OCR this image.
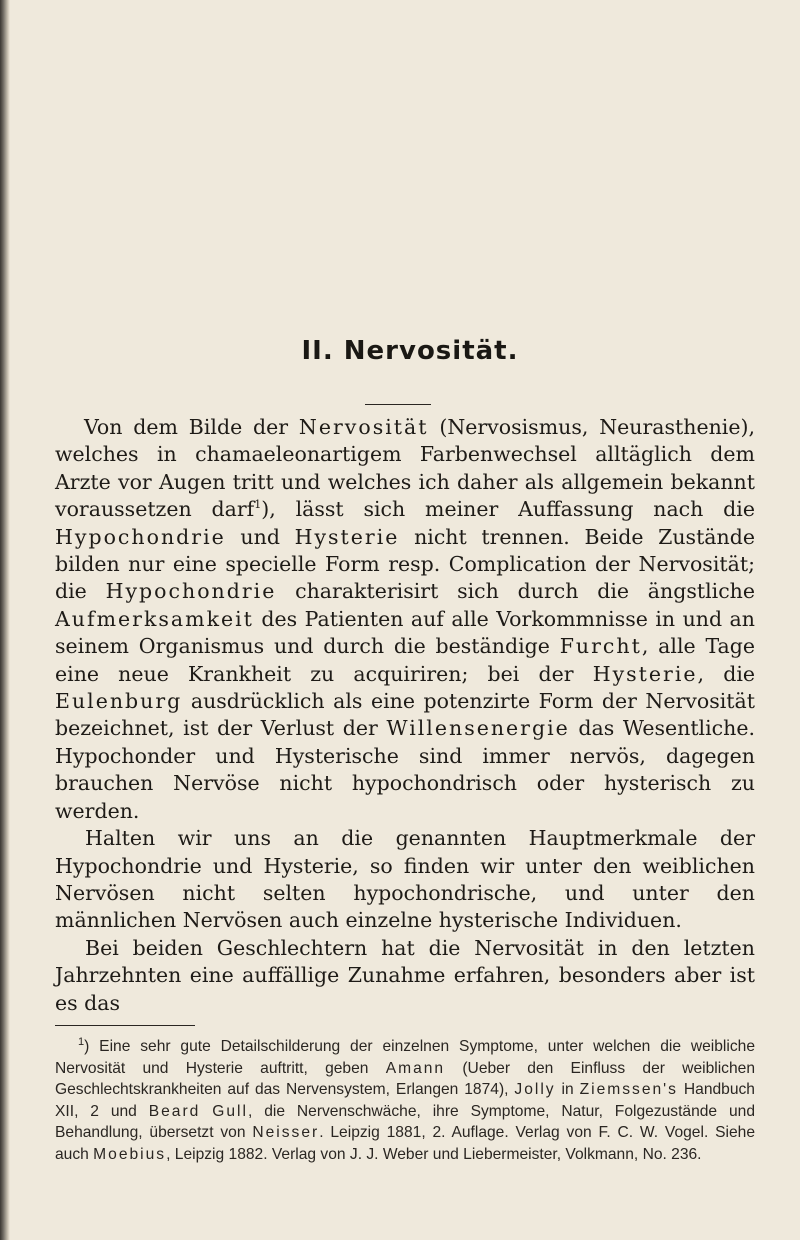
II. Nervosität.

Von dem Bilde der Nervosität (Nervosismus, Neurasthenie), welches in chamaeleonartigem Farbenwechsel alltäglich dem Arzte vor Augen tritt und welches ich daher als allgemein bekannt voraussetzen darf$^1$), lässt sich meiner Auffassung nach die Hypochondrie und Hysterie nicht trennen. Beide Zustände bilden nur eine specielle Form resp. Complication der Nervosität; die Hypochondrie charakterisirt sich durch die ängstliche Aufmerksamkeit des Patienten auf alle Vorkommnisse in und an seinem Organismus und durch die beständige Furcht, alle Tage eine neue Krankheit zu acquiriren; bei der Hysterie, die Eulenburg ausdrücklich als eine potenzirte Form der Nervosität bezeichnet, ist der Verlust der Willensenergie das Wesentliche. Hypochonder und Hysterische sind immer nervös, dagegen brauchen Nervöse nicht hypochondrisch oder hysterisch zu werden.

Halten wir uns an die genannten Hauptmerkmale der Hypochondrie und Hysterie, so finden wir unter den weiblichen Nervösen nicht selten hypochondrische, und unter den männlichen Nervösen auch einzelne hysterische Individuen.

Bei beiden Geschlechtern hat die Nervosität in den letzten Jahrzehnten eine auffällige Zunahme erfahren, besonders aber ist es das

$^1$) Eine sehr gute Detailschilderung der einzelnen Symptome, unter welchen die weibliche Nervosität und Hysterie auftritt, geben Amann (Ueber den Einfluss der weiblichen Geschlechtskrankheiten auf das Nervensystem, Erlangen 1874), Jolly in Ziemssen's Handbuch XII, 2 und Beard Gull, die Nervenschwäche, ihre Symptome, Natur, Folgezustände und Behandlung, übersetzt von Neisser. Leipzig 1881, 2. Auflage. Verlag von F. C. W. Vogel. Siehe auch Moebius, Leipzig 1882. Verlag von J. J. Weber und Liebermeister, Volkmann, No. 236.
